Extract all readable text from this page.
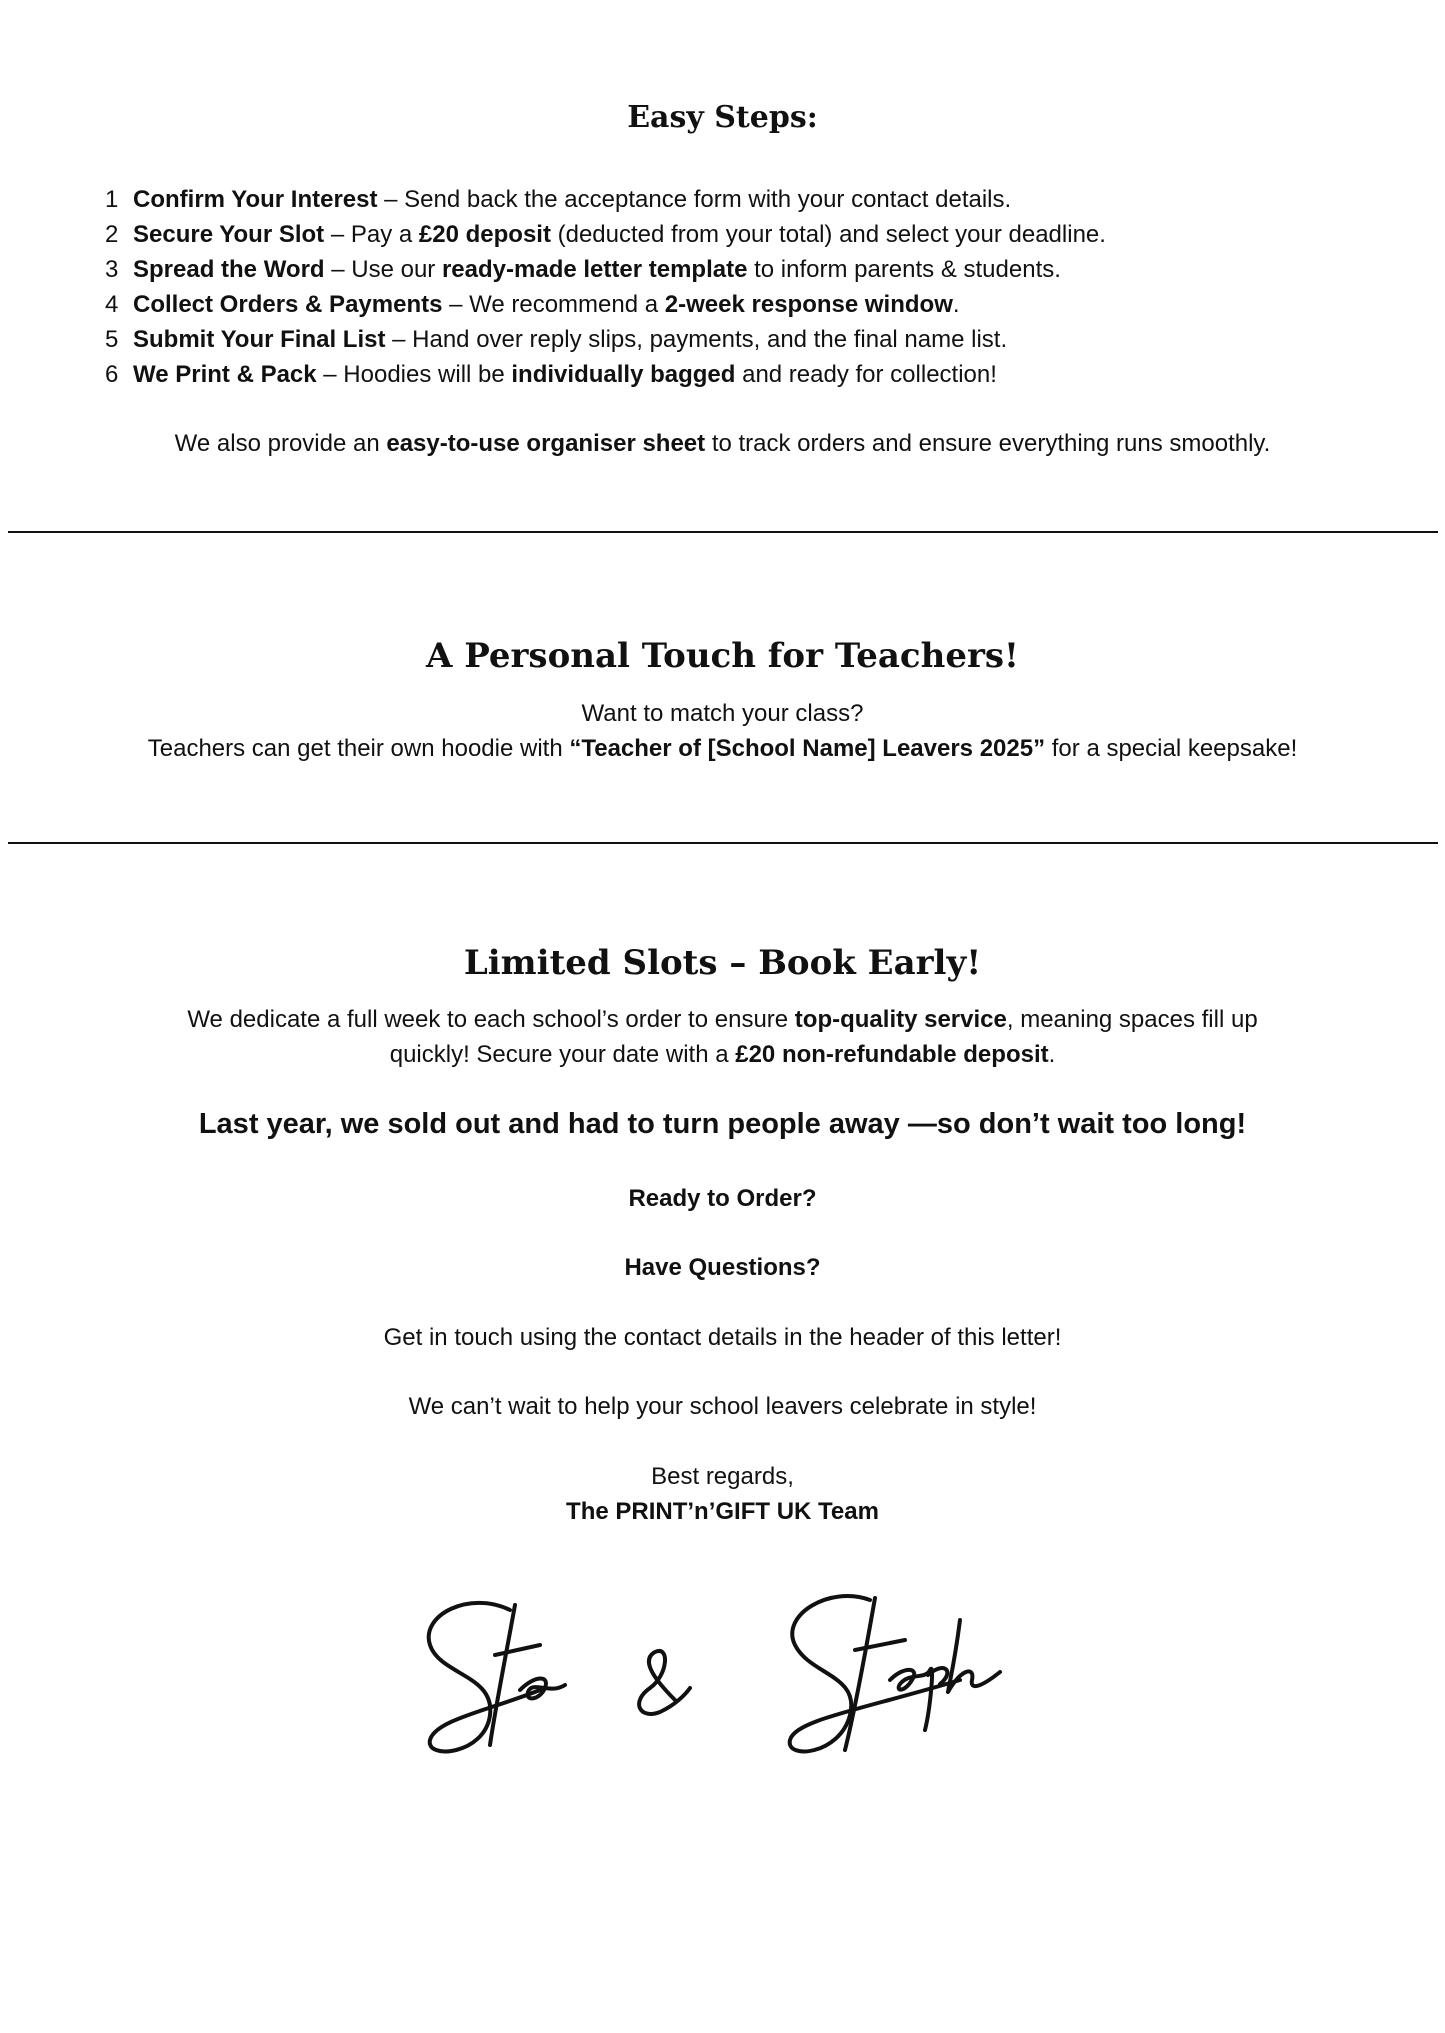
Easy Steps:
1 Confirm Your Interest – Send back the acceptance form with your contact details.
2 Secure Your Slot – Pay a £20 deposit (deducted from your total) and select your deadline.
3 Spread the Word – Use our ready-made letter template to inform parents & students.
4 Collect Orders & Payments – We recommend a 2-week response window.
5 Submit Your Final List – Hand over reply slips, payments, and the final name list.
6 We Print & Pack – Hoodies will be individually bagged and ready for collection!
We also provide an easy-to-use organiser sheet to track orders and ensure everything runs smoothly.
A Personal Touch for Teachers!
Want to match your class?
Teachers can get their own hoodie with “Teacher of [School Name] Leavers 2025” for a special keepsake!
Limited Slots – Book Early!
We dedicate a full week to each school’s order to ensure top-quality service, meaning spaces fill up
quickly! Secure your date with a £20 non-refundable deposit.
Last year, we sold out and had to turn people away —so don’t wait too long!
Ready to Order?
Have Questions?
Get in touch using the contact details in the header of this letter!
We can’t wait to help your school leavers celebrate in style!
Best regards,
The PRINT’n’GIFT UK Team
